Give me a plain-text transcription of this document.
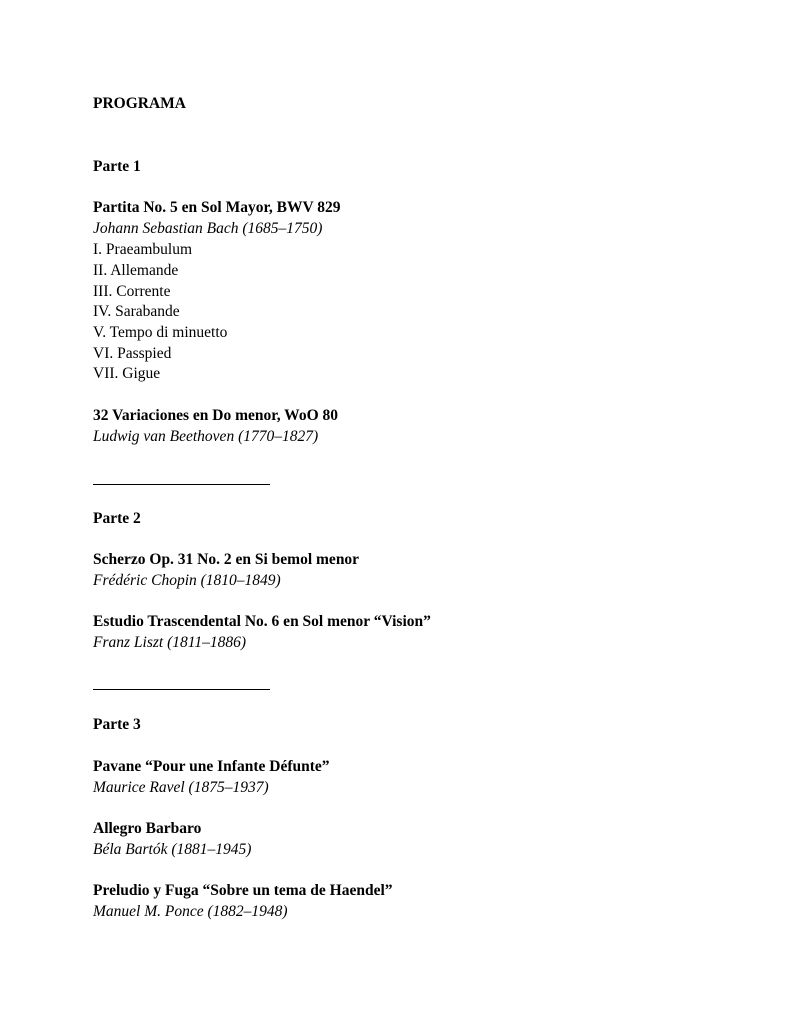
PROGRAMA
Parte 1
Partita No. 5 en Sol Mayor, BWV 829
Johann Sebastian Bach (1685–1750)
I. Praeambulum
II. Allemande
III. Corrente
IV. Sarabande
V. Tempo di minuetto
VI. Passpied
VII. Gigue
32 Variaciones en Do menor, WoO 80
Ludwig van Beethoven (1770–1827)
Parte 2
Scherzo Op. 31 No. 2 en Si bemol menor
Frédéric Chopin (1810–1849)
Estudio Trascendental No. 6 en Sol menor “Vision”
Franz Liszt (1811–1886)
Parte 3
Pavane “Pour une Infante Défunte”
Maurice Ravel (1875–1937)
Allegro Barbaro
Béla Bartók (1881–1945)
Preludio y Fuga “Sobre un tema de Haendel”
Manuel M. Ponce (1882–1948)
